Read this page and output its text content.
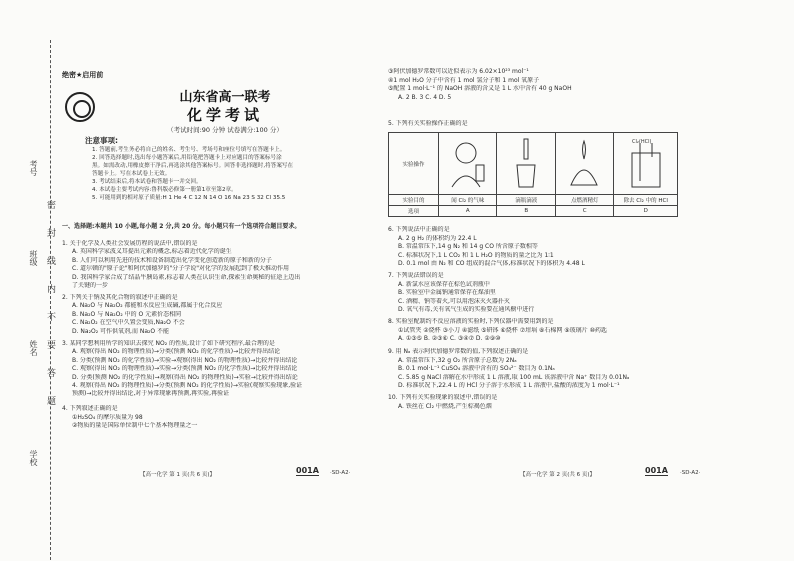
考号
班级
姓名
学校
密
封
线
内
不
要
答
题
绝密★启用前
山东省高一联考
化学考试
（考试时间:90 分钟 试卷满分:100 分）
注意事项:
1. 答题前,考生务必将自己的姓名、考生号、考场号和座位号填写在答题卡上。
2. 回答选择题时,选出每小题答案后,用铅笔把答题卡上对应题目的答案标号涂
黑。如需改动,用橡皮擦干净后,再选涂其他答案标号。回答非选择题时,将答案写在
答题卡上。写在本试卷上无效。
3. 考试结束后,将本试卷和答题卡一并交回。
4. 本试卷主要考试内容:鲁科版必修第一册第1章至第2章。
5. 可能用到的相对原子质量:H 1 He 4 C 12 N 14 O 16 Na 23 S 32 Cl 35.5
一、选择题:本题共 10 小题,每小题 2 分,共 20 分。每小题只有一个选项符合题目要求。
1. 关于化学及人类社会发展历程的说法中,错误的是
A. 英国科学家波义耳提出元素的概念,标志着近代化学的诞生
B. 人们可以利用先进的技术和设备制造出化学变化创造新的原子和新的分子
C. 道尔顿的"原子论"和阿伏加德罗的"分子学说"对化学的发展起到了极大推动作用
D. 我国科学家合成了结晶牛胰岛素,标志着人类在认识生命,探索生命奥秘的征途上迈出
了关键的一步
2. 下列关于钠及其化合物的叙述中正确的是
A. Na₂O 与 Na₂O₂ 都能和水反应生成碱,都属于化合反应
B. Na₂O 与 Na₂O₂ 中的 O 元素价态相同
C. Na₂O₂ 在空气中久置会变质,Na₂O 不会
D. Na₂O₂ 可作供氧剂,而 Na₂O 不能
3. 某同学想利用所学的知识去探究 NO₂ 的性质,设计了如下研究程序,最合理的是
A. 观察(得出 NO₂ 的物理性质)→分类(预测 NO₂ 的化学性质)→比较并得出结论
B. 分类(预测 NO₂ 的化学性质)→实验→观察(得出 NO₂ 的物理性质)→比较并得出结论
C. 观察(得出 NO₂ 的物理性质)→实验→分类(预测 NO₂ 的化学性质)→比较并得出结论
D. 分类(预测 NO₂ 的化学性质)→观察(得出 NO₂ 的物理性质)→实验→比较并得出结论
4. 观察(得出 NO₂ 的物理性质)→分类(预测 NO₂ 的化学性质)→实验(观察实验现象,验证
预测)→比较并得出结论,对于异常现象再预测,再实验,再验证
4. 下列叙述正确的是
①H₂SO₄ 的摩尔质量为 98
②物质的量是国际单位制中七个基本物理量之一
【高一化学 第 1 页(共 6 页)】	001A ·SD-A2·
③阿伏加德罗常数可以近似表示为 6.02×10²³ mol⁻¹
④1 mol H₂O 分子中含有 1 mol 氢分子和 1 mol 氧原子
⑤配置 1 mol·L⁻¹ 的 NaOH 溶液的含义是 1 L 水中含有 40 g NaOH
A. 2 B. 3 C. 4 D. 5
5. 下列有关实验操作正确的是
实验操作				Cl₂(HCl)

实验目的	闻 Cl₂ 的气味	滴瓶滴液	点燃酒精灯	除去 Cl₂ 中的 HCl
选项	A	B	C	D
6. 下列说法中正确的是
A. 2 g H₂ 的体积约为 22.4 L
B. 常温常压下,14 g N₂ 和 14 g CO 所含原子数相等
C. 标准状况下,1 L CO₂ 和 1 L H₂O 的物质的量之比为 1∶1
D. 0.1 mol 由 N₂ 和 CO 组成的混合气体,标准状况下的体积为 4.48 L
7. 下列说法错误的是
A. 新氯水应该保存在棕色试剂瓶中
B. 实验室中金属钠通常保存在煤油里
C. 酒精、钠等着火,可以用泡沫灭火器扑灭
D. 氧气有毒,关有氧气生成的实验要在通风橱中进行
8. 实验室配制约不反应溶液的实验时,下列仪器中需要用到的是
①试管夹 ②烧杯 ③小刀 ④滤纸 ⑤研钵 ⑥烧杯 ⑦坩埚 ⑧石棉网 ⑨玻璃片 ⑩药匙
A. ①③⑤ B. ②③⑥ C. ③④⑦ D. ②⑨⑩
9. 用 Nₐ 表示阿伏加德罗常数的值,下列叙述正确的是
A. 常温常压下,32 g O₂ 所含原子总数为 2Nₐ
B. 0.1 mol·L⁻¹ CuSO₄ 溶液中含有的 SO₄²⁻ 数目为 0.1Nₐ
C. 5.85 g NaCl 溶解在水中形成 1 L 溶液,取 100 mL 该溶液中含 Na⁺ 数目为 0.01Nₐ
D. 标准状况下,22.4 L 的 HCl 分子溶于水形成 1 L 溶液中,盐酸的浓度为 1 mol·L⁻¹
10. 下列有关实验现象的叙述中,错误的是
A. 铁丝在 Cl₂ 中燃烧,产生棕褐色烟
【高一化学 第 2 页(共 6 页)】	001A ·SD-A2·
